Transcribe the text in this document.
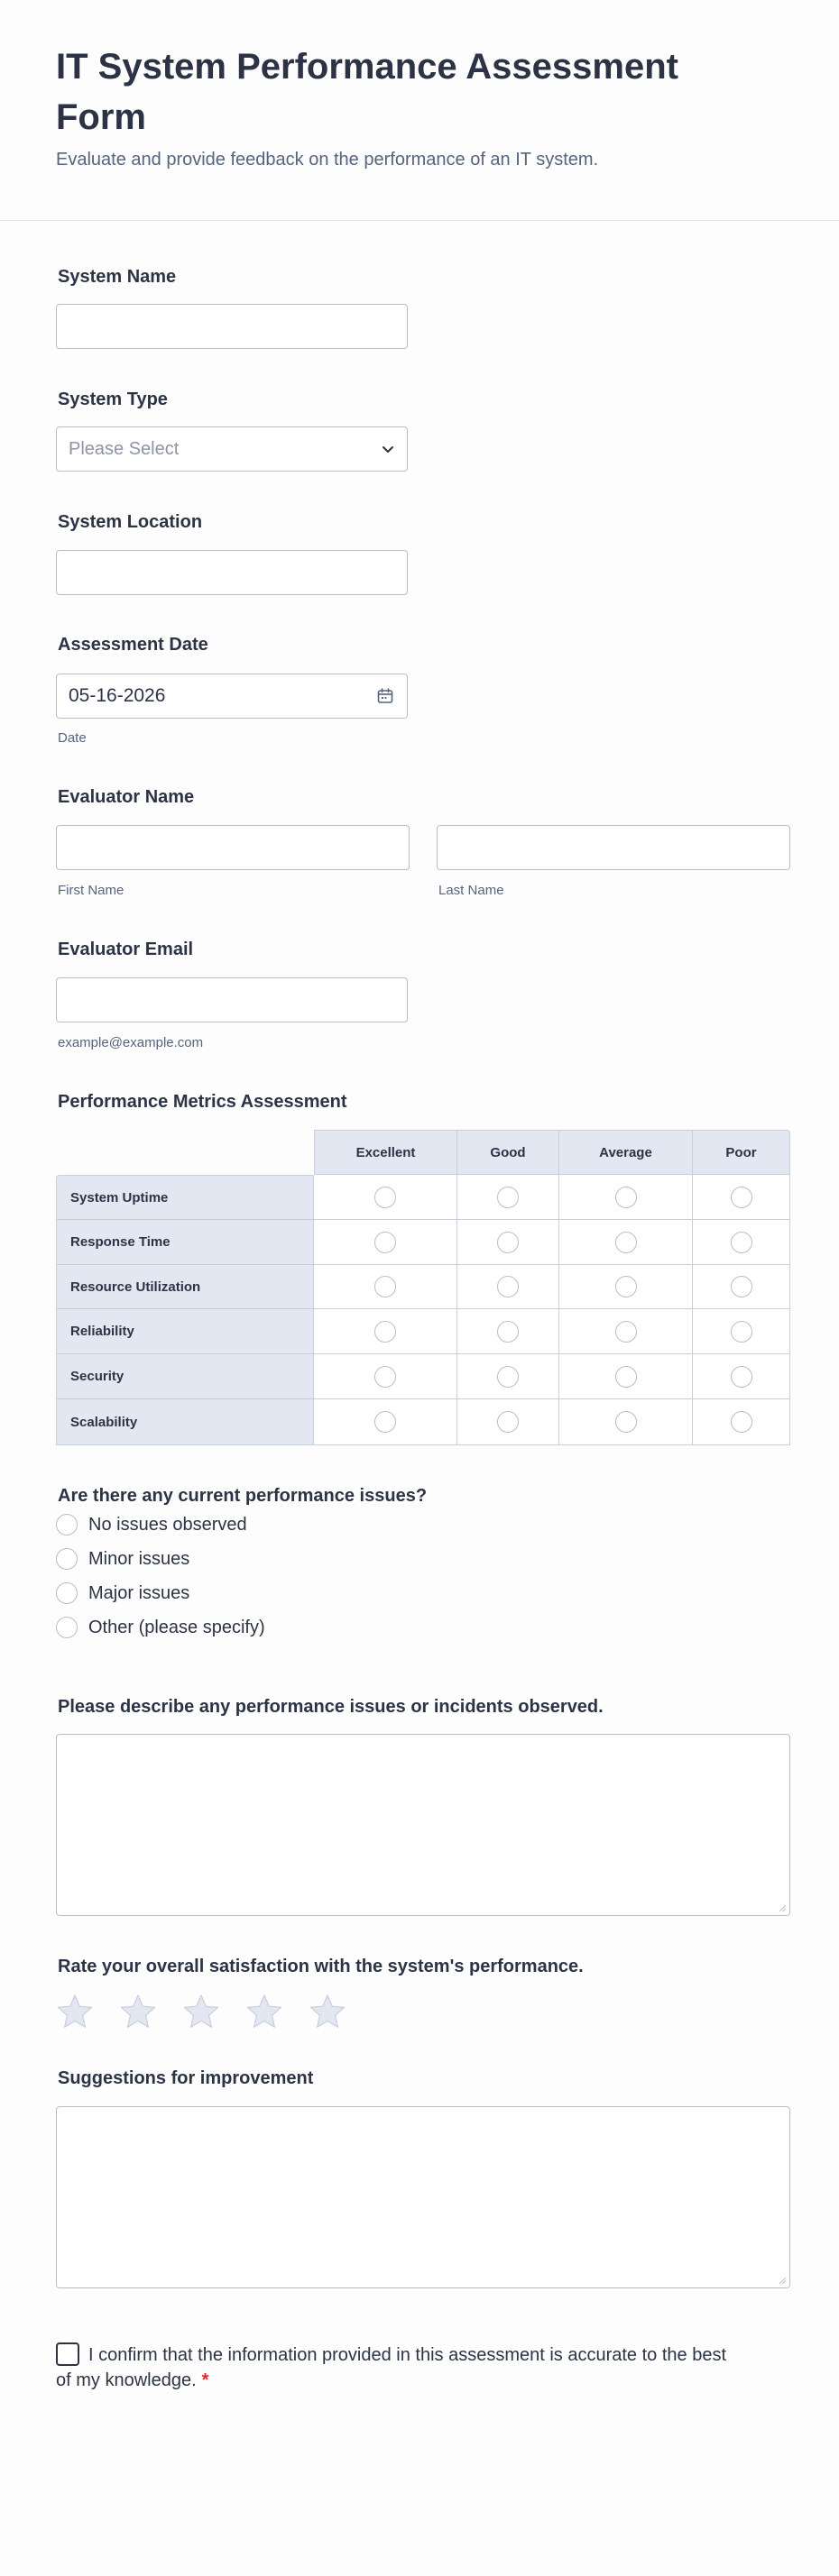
IT System Performance Assessment Form
Evaluate and provide feedback on the performance of an IT system.
System Name
System Type
Please Select
System Location
Assessment Date
05-16-2026
Date
Evaluator Name
First Name	Last Name
Evaluator Email
example@example.com
Performance Metrics Assessment
Excellent	Good	Average	Poor
System Uptime
Response Time
Resource Utilization
Reliability
Security
Scalability
Are there any current performance issues?
No issues observed
Minor issues
Major issues
Other (please specify)
Please describe any performance issues or incidents observed.
Rate your overall satisfaction with the system's performance.
Suggestions for improvement
I confirm that the information provided in this assessment is accurate to the best of my knowledge. *
